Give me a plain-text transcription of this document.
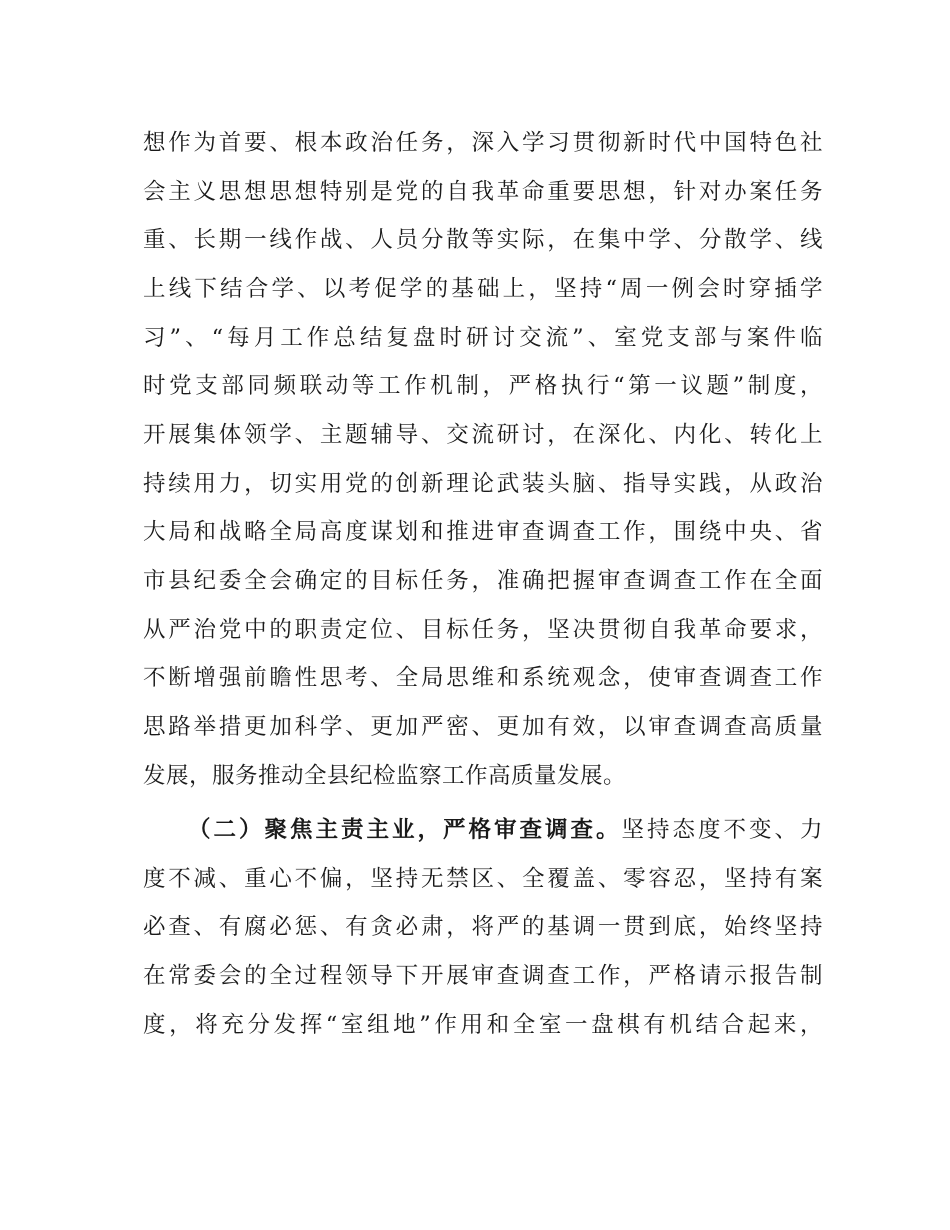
想作为首要、根本政治任务，深入学习贯彻新时代中国特色社
会主义思想思想特别是党的自我革命重要思想，针对办案任务
重、长期一线作战、人员分散等实际，在集中学、分散学、线
上线下结合学、以考促学的基础上，坚持“周一例会时穿插学
习”、“每月工作总结复盘时研讨交流”、室党支部与案件临
时党支部同频联动等工作机制，严格执行“第一议题”制度，
开展集体领学、主题辅导、交流研讨，在深化、内化、转化上
持续用力，切实用党的创新理论武装头脑、指导实践，从政治
大局和战略全局高度谋划和推进审查调查工作，围绕中央、省
市县纪委全会确定的目标任务，准确把握审查调查工作在全面
从严治党中的职责定位、目标任务，坚决贯彻自我革命要求，
不断增强前瞻性思考、全局思维和系统观念，使审查调查工作
思路举措更加科学、更加严密、更加有效，以审查调查高质量
发展，服务推动全县纪检监察工作高质量发展。
（二）聚焦主责主业，严格审查调查。坚持态度不变、力
度不减、重心不偏，坚持无禁区、全覆盖、零容忍，坚持有案
必查、有腐必惩、有贪必肃，将严的基调一贯到底，始终坚持
在常委会的全过程领导下开展审查调查工作，严格请示报告制
度，将充分发挥“室组地”作用和全室一盘棋有机结合起来，
